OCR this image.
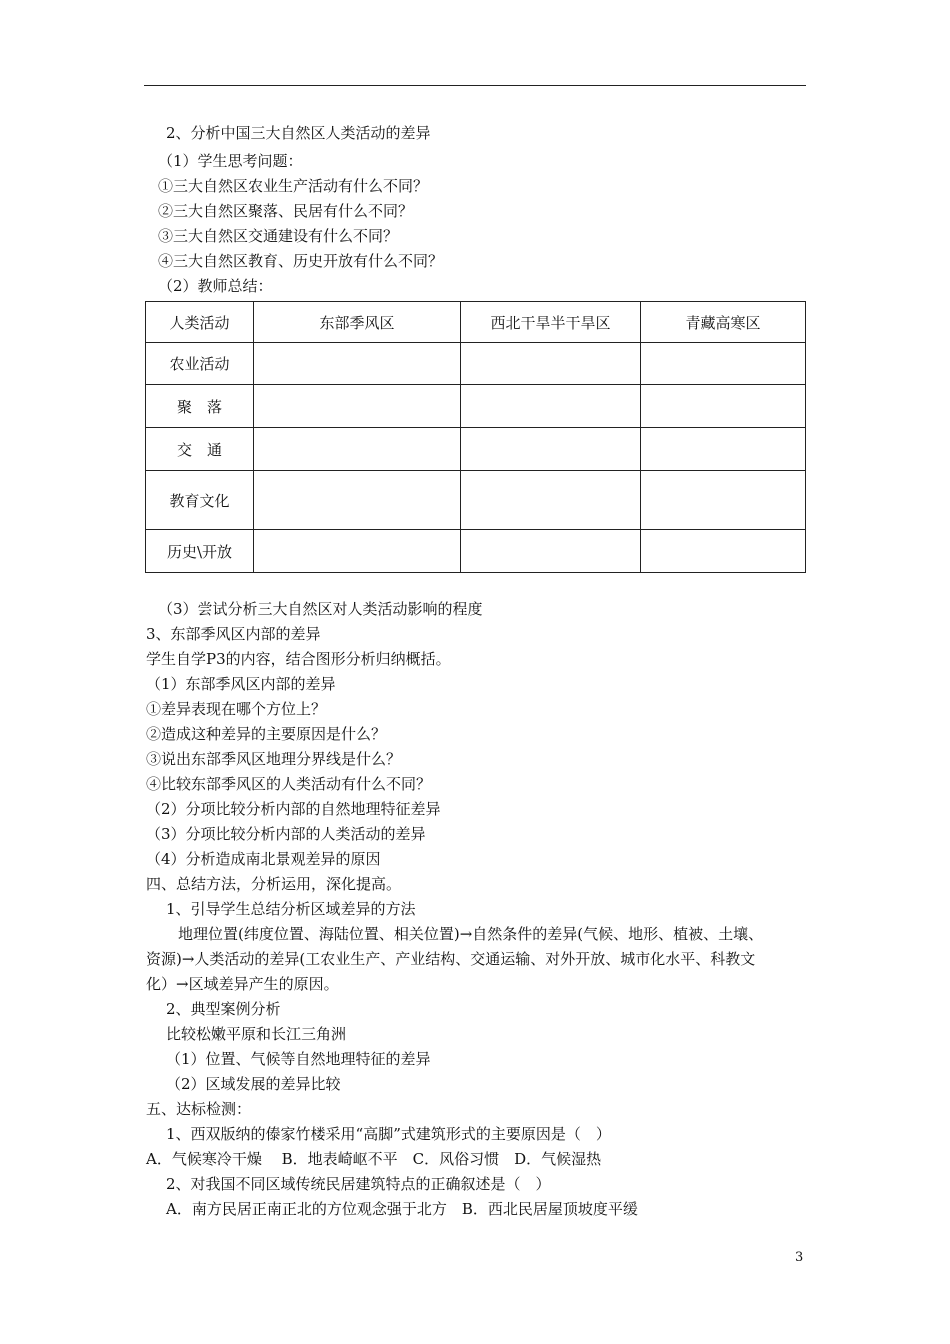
2、分析中国三大自然区人类活动的差异
（1）学生思考问题：
①三大自然区农业生产活动有什么不同？
②三大自然区聚落、民居有什么不同？
③三大自然区交通建设有什么不同？
④三大自然区教育、历史开放有什么不同？
（2）教师总结：
人类活动	东部季风区	西北干旱半干旱区	青藏高寒区
农业活动			
聚　落			
交　通			
教育文化			
历史\开放			
（3）尝试分析三大自然区对人类活动影响的程度
3、东部季风区内部的差异
学生自学P3的内容，结合图形分析归纳概括。
（1）东部季风区内部的差异
①差异表现在哪个方位上？
②造成这种差异的主要原因是什么？
③说出东部季风区地理分界线是什么？
④比较东部季风区的人类活动有什么不同？
（2）分项比较分析内部的自然地理特征差异
（3）分项比较分析内部的人类活动的差异
（4）分析造成南北景观差异的原因
四、总结方法，分析运用，深化提高。
1、引导学生总结分析区域差异的方法
地理位置(纬度位置、海陆位置、相关位置)→自然条件的差异(气候、地形、植被、土壤、
资源)→人类活动的差异(工农业生产、产业结构、交通运输、对外开放、城市化水平、科教文
化）→区域差异产生的原因。
2、典型案例分析
比较松嫩平原和长江三角洲
（1）位置、气候等自然地理特征的差异
（2）区域发展的差异比较
五、达标检测：
1、西双版纳的傣家竹楼采用“高脚”式建筑形式的主要原因是（　）
A．气候寒冷干燥　 B．地表崎岖不平　C．风俗习惯　D．气候湿热
2、对我国不同区域传统民居建筑特点的正确叙述是（　）
A．南方民居正南正北的方位观念强于北方　B．西北民居屋顶坡度平缓
3
